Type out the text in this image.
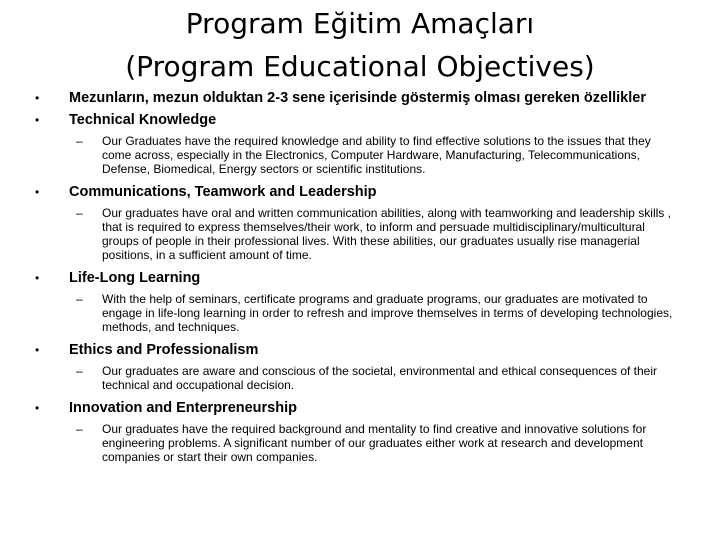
Program Eğitim Amaçları
(Program Educational Objectives)
• Mezunların, mezun olduktan 2-3 sene içerisinde göstermiş olması gereken özellikler
• Technical Knowledge
– Our Graduates have the required knowledge and ability to find effective solutions to the issues that they come across, especially in the Electronics, Computer Hardware, Manufacturing, Telecommunications, Defense, Biomedical, Energy sectors or scientific institutions.
• Communications, Teamwork and Leadership
– Our graduates have oral and written communication abilities, along with teamworking and leadership skills , that is required to express themselves/their work, to inform and persuade multidisciplinary/multicultural groups of people in their professional lives. With these abilities, our graduates usually rise managerial positions, in a sufficient amount of time.
• Life-Long Learning
– With the help of seminars, certificate programs and graduate programs, our graduates are motivated to engage in life-long learning in order to refresh and improve themselves in terms of developing technologies, methods, and techniques.
• Ethics and Professionalism
– Our graduates are aware and conscious of the societal, environmental and ethical consequences of their technical and occupational decision.
• Innovation and Enterpreneurship
– Our graduates have the required background and mentality to find creative and innovative solutions for engineering problems. A significant number of our graduates either work at research and development companies or start their own companies.
